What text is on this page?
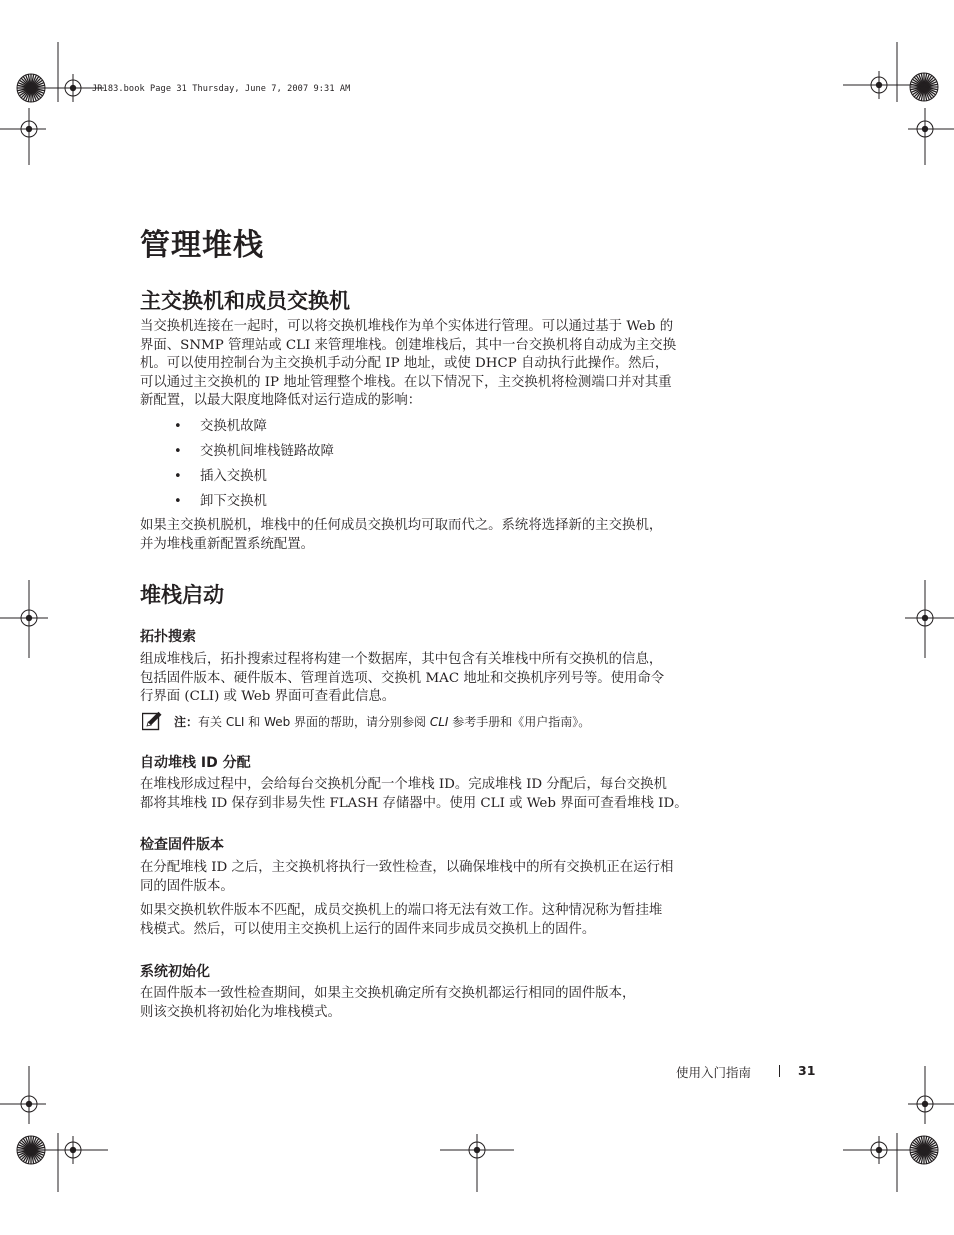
JR183.book Page 31 Thursday, June 7, 2007 9:31 AM
管理堆栈
主交换机和成员交换机

当交换机连接在一起时，可以将交换机堆栈作为单个实体进行管理。可以通过基于 Web 的
界面、SNMP 管理站或 CLI 来管理堆栈。创建堆栈后，其中一台交换机将自动成为主交换
机。可以使用控制台为主交换机手动分配 IP 地址，或使 DHCP 自动执行此操作。然后，
可以通过主交换机的 IP 地址管理整个堆栈。在以下情况下，主交换机将检测端口并对其重
新配置，以最大限度地降低对运行造成的影响：

• 交换机故障
• 交换机间堆栈链路故障
• 插入交换机
• 卸下交换机

如果主交换机脱机，堆栈中的任何成员交换机均可取而代之。系统将选择新的主交换机，
并为堆栈重新配置系统配置。

堆栈启动
拓扑搜索

组成堆栈后，拓扑搜索过程将构建一个数据库，其中包含有关堆栈中所有交换机的信息，
包括固件版本、硬件版本、管理首选项、交换机 MAC 地址和交换机序列号等。使用命令
行界面 (CLI) 或 Web 界面可查看此信息。

注：有关 CLI 和 Web 界面的帮助，请分别参阅 CLI 参考手册和《用户指南》。
自动堆栈 ID 分配

在堆栈形成过程中，会给每台交换机分配一个堆栈 ID。完成堆栈 ID 分配后，每台交换机
都将其堆栈 ID 保存到非易失性 FLASH 存储器中。使用 CLI 或 Web 界面可查看堆栈 ID。

检查固件版本

在分配堆栈 ID 之后，主交换机将执行一致性检查，以确保堆栈中的所有交换机正在运行相
同的固件版本。

如果交换机软件版本不匹配，成员交换机上的端口将无法有效工作。这种情况称为暂挂堆
栈模式。然后，可以使用主交换机上运行的固件来同步成员交换机上的固件。

系统初始化

在固件版本一致性检查期间，如果主交换机确定所有交换机都运行相同的固件版本，
则该交换机将初始化为堆栈模式。

使用入门指南	31
